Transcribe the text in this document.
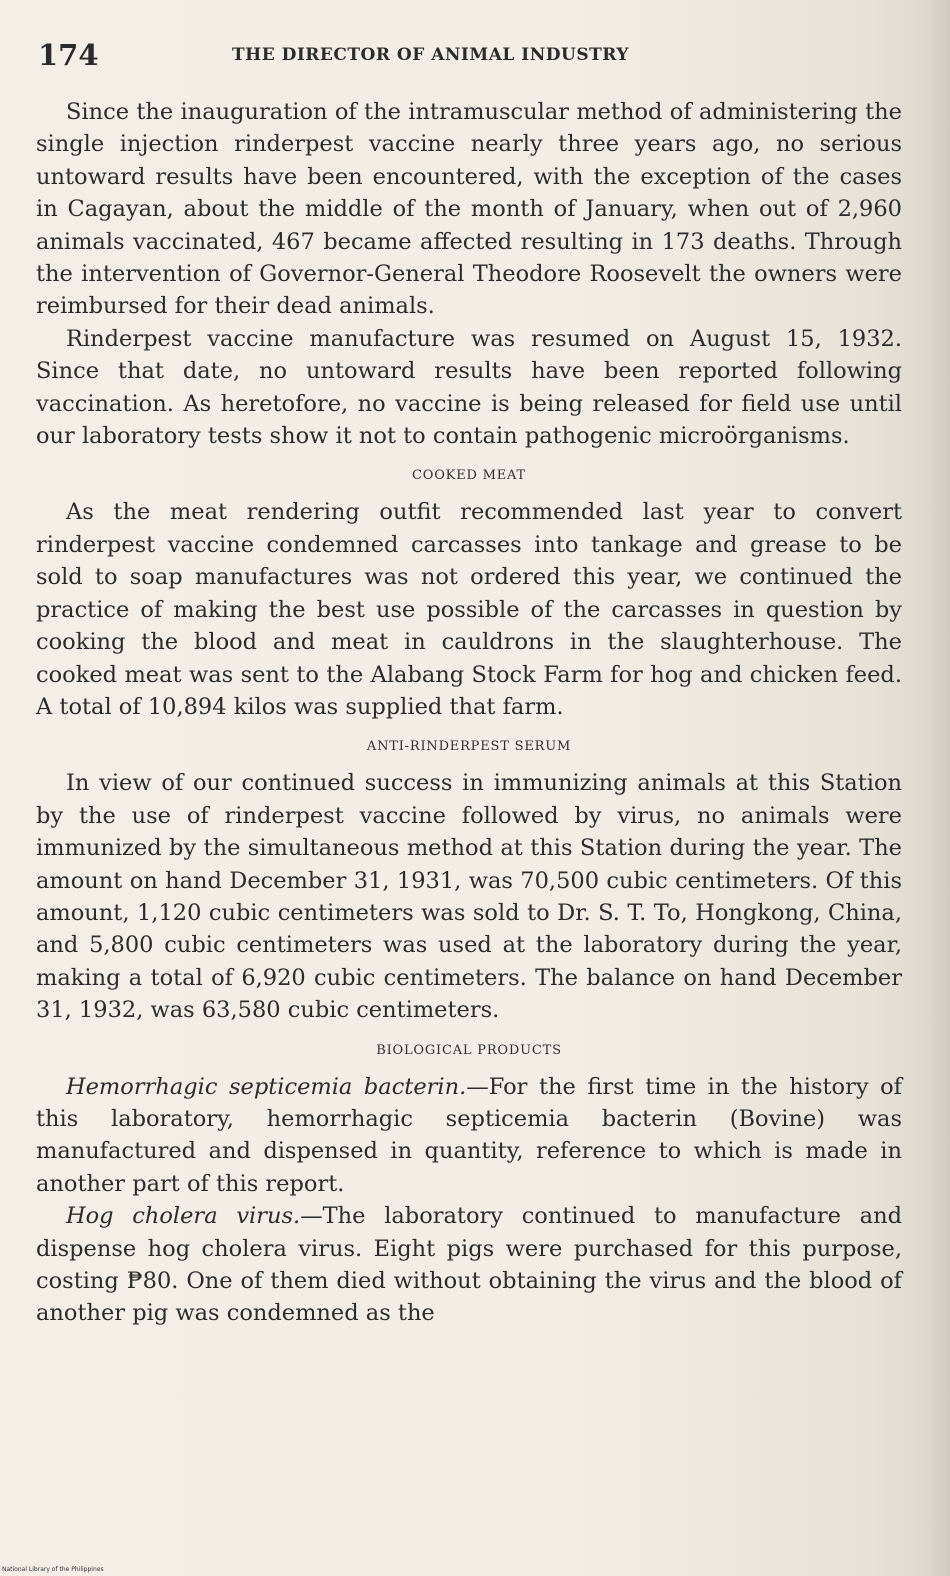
174	THE DIRECTOR OF ANIMAL INDUSTRY

Since the inauguration of the intramuscular method of administering the single injection rinderpest vaccine nearly three years ago, no serious untoward results have been encountered, with the exception of the cases in Cagayan, about the middle of the month of January, when out of 2,960 animals vaccinated, 467 became affected resulting in 173 deaths. Through the intervention of Governor-General Theodore Roosevelt the owners were reimbursed for their dead animals.

Rinderpest vaccine manufacture was resumed on August 15, 1932. Since that date, no untoward results have been reported following vaccination. As heretofore, no vaccine is being released for field use until our laboratory tests show it not to contain pathogenic microörganisms.

COOKED MEAT

As the meat rendering outfit recommended last year to convert rinderpest vaccine condemned carcasses into tankage and grease to be sold to soap manufactures was not ordered this year, we continued the practice of making the best use possible of the carcasses in question by cooking the blood and meat in cauldrons in the slaughterhouse. The cooked meat was sent to the Alabang Stock Farm for hog and chicken feed. A total of 10,894 kilos was supplied that farm.

ANTI-RINDERPEST SERUM

In view of our continued success in immunizing animals at this Station by the use of rinderpest vaccine followed by virus, no animals were immunized by the simultaneous method at this Station during the year. The amount on hand December 31, 1931, was 70,500 cubic centimeters. Of this amount, 1,120 cubic centimeters was sold to Dr. S. T. To, Hongkong, China, and 5,800 cubic centimeters was used at the laboratory during the year, making a total of 6,920 cubic centimeters. The balance on hand December 31, 1932, was 63,580 cubic centimeters.

BIOLOGICAL PRODUCTS

Hemorrhagic septicemia bacterin.—For the first time in the history of this laboratory, hemorrhagic septicemia bacterin (Bovine) was manufactured and dispensed in quantity, reference to which is made in another part of this report.

Hog cholera virus.—The laboratory continued to manufacture and dispense hog cholera virus. Eight pigs were purchased for this purpose, costing ₱80. One of them died without obtaining the virus and the blood of another pig was condemned as the

National Library of the Philippines
